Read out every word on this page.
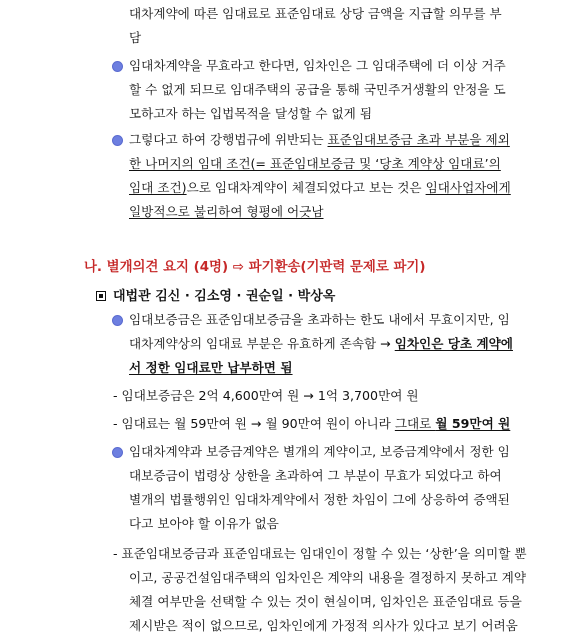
대차계약에 따른 임대료로 표준임대료 상당 금액을 지급할 의무를 부
담
임대차계약을 무효라고 한다면, 임차인은 그 임대주택에 더 이상 거주
할 수 없게 되므로 임대주택의 공급을 통해 국민주거생활의 안정을 도
모하고자 하는 입법목적을 달성할 수 없게 됨
그렇다고 하여 강행법규에 위반되는 표준임대보증금 초과 부분을 제외
한 나머지의 임대 조건(= 표준임대보증금 및 ‘당초 계약상 임대료’의
임대 조건)으로 임대차계약이 체결되었다고 보는 것은 임대사업자에게
일방적으로 불리하여 형평에 어긋남
나. 별개의견 요지 (4명) ⇨ 파기환송(기판력 문제로 파기)
대법관 김신 · 김소영 · 권순일 · 박상옥
임대보증금은 표준임대보증금을 초과하는 한도 내에서 무효이지만, 임
대차계약상의 임대료 부분은 유효하게 존속함 → 임차인은 당초 계약에
서 정한 임대료만 납부하면 됨
- 임대보증금은 2억 4,600만여 원 → 1억 3,700만여 원
- 임대료는 월 59만여 원 → 월 90만여 원이 아니라 그대로 월 59만여 원
임대차계약과 보증금계약은 별개의 계약이고, 보증금계약에서 정한 임
대보증금이 법령상 상한을 초과하여 그 부분이 무효가 되었다고 하여
별개의 법률행위인 임대차계약에서 정한 차임이 그에 상응하여 증액된
다고 보아야 할 이유가 없음
- 표준임대보증금과 표준임대료는 임대인이 정할 수 있는 ‘상한’을 의미할 뿐
이고, 공공건설임대주택의 임차인은 계약의 내용을 결정하지 못하고 계약
체결 여부만을 선택할 수 있는 것이 현실이며, 임차인은 표준임대료 등을
제시받은 적이 없으므로, 임차인에게 가정적 의사가 있다고 보기 어려움
